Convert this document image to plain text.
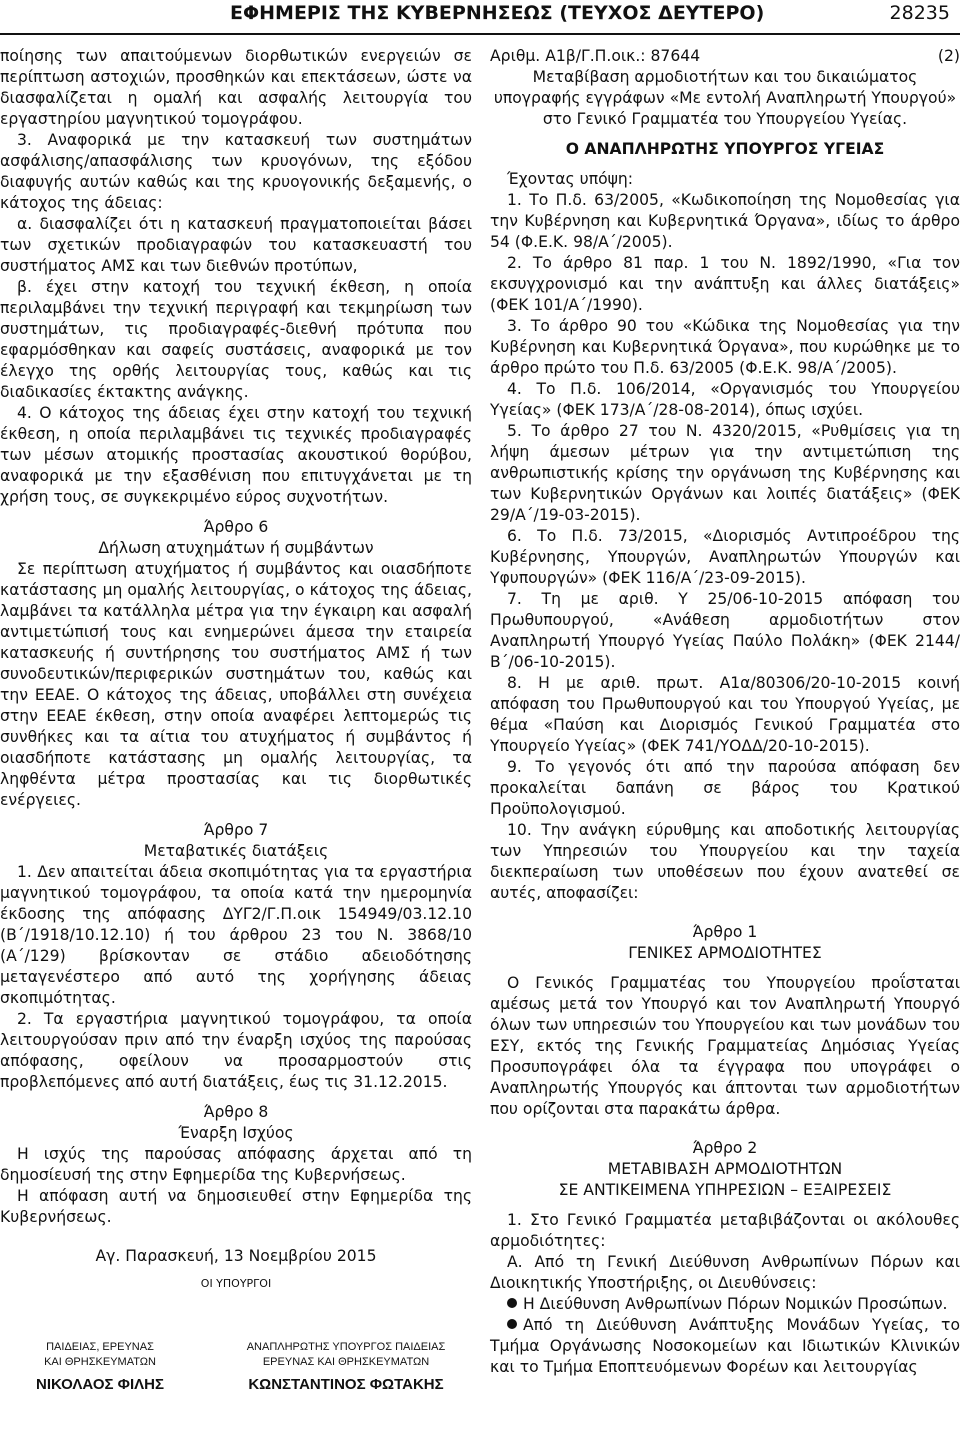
ΕΦΗΜΕΡΙΣ ΤΗΣ ΚΥΒΕΡΝΗΣΕΩΣ (ΤΕΥΧΟΣ ΔΕΥΤΕΡΟ)	28235

ποίησης των απαιτούμενων διορθωτικών ενεργειών σε περίπτωση αστοχιών, προσθηκών και επεκτάσεων, ώστε να διασφαλίζεται η ομαλή και ασφαλής λειτουργία του εργαστηρίου μαγνητικού τομογράφου.

3. Αναφορικά με την κατασκευή των συστημάτων ασφάλισης/απασφάλισης των κρυογόνων, της εξόδου διαφυγής αυτών καθώς και της κρυογονικής δεξαμενής, ο κάτοχος της άδειας:

α. διασφαλίζει ότι η κατασκευή πραγματοποιείται βάσει των σχετικών προδιαγραφών του κατασκευαστή του συστήματος ΑΜΣ και των διεθνών προτύπων,

β. έχει στην κατοχή του τεχνική έκθεση, η οποία περιλαμβάνει την τεχνική περιγραφή και τεκμηρίωση των συστημάτων, τις προδιαγραφές-διεθνή πρότυπα που εφαρμόσθηκαν και σαφείς συστάσεις, αναφορικά με τον έλεγχο της ορθής λειτουργίας τους, καθώς και τις διαδικασίες έκτακτης ανάγκης.

4. Ο κάτοχος της άδειας έχει στην κατοχή του τεχνική έκθεση, η οποία περιλαμβάνει τις τεχνικές προδιαγραφές των μέσων ατομικής προστασίας ακουστικού θορύβου, αναφορικά με την εξασθένιση που επιτυγχάνεται με τη χρήση τους, σε συγκεκριμένο εύρος συχνοτήτων.

Άρθρο 6

Δήλωση ατυχημάτων ή συμβάντων

Σε περίπτωση ατυχήματος ή συμβάντος και οιασδήποτε κατάστασης μη ομαλής λειτουργίας, ο κάτοχος της άδειας, λαμβάνει τα κατάλληλα μέτρα για την έγκαιρη και ασφαλή αντιμετώπισή τους και ενημερώνει άμεσα την εταιρεία κατασκευής ή συντήρησης του συστήματος ΑΜΣ ή των συνοδευτικών/περιφερικών συστημάτων του, καθώς και την ΕΕΑΕ. Ο κάτοχος της άδειας, υποβάλλει στη συνέχεια στην ΕΕΑΕ έκθεση, στην οποία αναφέρει λεπτομερώς τις συνθήκες και τα αίτια του ατυχήματος ή συμβάντος ή οιασδήποτε κατάστασης μη ομαλής λειτουργίας, τα ληφθέντα μέτρα προστασίας και τις διορθωτικές ενέργειες.

Άρθρο 7

Μεταβατικές διατάξεις

1. Δεν απαιτείται άδεια σκοπιμότητας για τα εργαστήρια μαγνητικού τομογράφου, τα οποία κατά την ημερομηνία έκδοσης της απόφασης ΔΥΓ2/Γ.Π.οικ 154949/03.12.10 (Β΄/1918/10.12.10) ή του άρθρου 23 του Ν. 3868/10 (Α΄/129) βρίσκονταν σε στάδιο αδειοδότησης μεταγενέστερο από αυτό της χορήγησης άδειας σκοπιμότητας.

2. Τα εργαστήρια μαγνητικού τομογράφου, τα οποία λειτουργούσαν πριν από την έναρξη ισχύος της παρούσας απόφασης, οφείλουν να προσαρμοστούν στις προβλεπόμενες από αυτή διατάξεις, έως τις 31.12.2015.

Άρθρο 8

Έναρξη Ισχύος

Η ισχύς της παρούσας απόφασης άρχεται από τη δημοσίευσή της στην Εφημερίδα της Κυβερνήσεως.

Η απόφαση αυτή να δημοσιευθεί στην Εφημερίδα της Κυβερνήσεως.

Αγ. Παρασκευή, 13 Νοεμβρίου 2015

ΟΙ ΥΠΟΥΡΓΟΙ

ΠΑΙΔΕΙΑΣ, ΕΡΕΥΝΑΣ
ΚΑΙ ΘΡΗΣΚΕΥΜΑΤΩΝ
ΝΙΚΟΛΑΟΣ ΦΙΛΗΣ
ΑΝΑΠΛΗΡΩΤΗΣ ΥΠΟΥΡΓΟΣ ΠΑΙΔΕΙΑΣ
ΕΡΕΥΝΑΣ ΚΑΙ ΘΡΗΣΚΕΥΜΑΤΩΝ
ΚΩΝΣΤΑΝΤΙΝΟΣ ΦΩΤΑΚΗΣ

Αριθμ. Α1β/Γ.Π.οικ.: 87644	(2)

Μεταβίβαση αρμοδιοτήτων και του δικαιώματος υπογραφής εγγράφων «Με εντολή Αναπληρωτή Υπουργού» στο Γενικό Γραμματέα του Υπουργείου Υγείας.

Ο ΑΝΑΠΛΗΡΩΤΗΣ ΥΠΟΥΡΓΟΣ ΥΓΕΙΑΣ

Έχοντας υπόψη:

1. Το Π.δ. 63/2005, «Κωδικοποίηση της Νομοθεσίας για την Κυβέρνηση και Κυβερνητικά Όργανα», ιδίως το άρθρο 54 (Φ.Ε.Κ. 98/Α΄/2005).

2. Το άρθρο 81 παρ. 1 του Ν. 1892/1990, «Για τον εκσυγχρονισμό και την ανάπτυξη και άλλες διατάξεις» (ΦΕΚ 101/Α΄/1990).

3. Το άρθρο 90 του «Κώδικα της Νομοθεσίας για την Κυβέρνηση και Κυβερνητικά Όργανα», που κυρώθηκε με το άρθρο πρώτο του Π.δ. 63/2005 (Φ.Ε.Κ. 98/Α΄/2005).

4. Το Π.δ. 106/2014, «Οργανισμός του Υπουργείου Υγείας» (ΦΕΚ 173/Α΄/28-08-2014), όπως ισχύει.

5. Το άρθρο 27 του Ν. 4320/2015, «Ρυθμίσεις για τη λήψη άμεσων μέτρων για την αντιμετώπιση της ανθρωπιστικής κρίσης την οργάνωση της Κυβέρνησης και των Κυβερνητικών Οργάνων και λοιπές διατάξεις» (ΦΕΚ 29/Α΄/19-03-2015).

6. Το Π.δ. 73/2015, «Διορισμός Αντιπροέδρου της Κυβέρνησης, Υπουργών, Αναπληρωτών Υπουργών και Υφυπουργών» (ΦΕΚ 116/Α΄/23-09-2015).

7. Τη με αριθ. Υ 25/06-10-2015 απόφαση του Πρωθυπουργού, «Ανάθεση αρμοδιοτήτων στον Αναπληρωτή Υπουργό Υγείας Παύλο Πολάκη» (ΦΕΚ 2144/Β΄/06-10-2015).

8. Η με αριθ. πρωτ. Α1α/80306/20-10-2015 κοινή απόφαση του Πρωθυπουργού και του Υπουργού Υγείας, με θέμα «Παύση και Διορισμός Γενικού Γραμματέα στο Υπουργείο Υγείας» (ΦΕΚ 741/ΥΟΔΔ/20-10-2015).

9. Το γεγονός ότι από την παρούσα απόφαση δεν προκαλείται δαπάνη σε βάρος του Κρατικού Προϋπολογισμού.

10. Την ανάγκη εύρυθμης και αποδοτικής λειτουργίας των Υπηρεσιών του Υπουργείου και την ταχεία διεκπεραίωση των υποθέσεων που έχουν ανατεθεί σε αυτές, αποφασίζει:

Άρθρο 1

ΓΕΝΙΚΕΣ ΑΡΜΟΔΙΟΤΗΤΕΣ

Ο Γενικός Γραμματέας του Υπουργείου προΐσταται αμέσως μετά τον Υπουργό και τον Αναπληρωτή Υπουργό όλων των υπηρεσιών του Υπουργείου και των μονάδων του ΕΣΥ, εκτός της Γενικής Γραμματείας Δημόσιας Υγείας Προσυπογράφει όλα τα έγγραφα που υπογράφει ο Αναπληρωτής Υπουργός και άπτονται των αρμοδιοτήτων που ορίζονται στα παρακάτω άρθρα.

Άρθρο 2

ΜΕΤΑΒΙΒΑΣΗ ΑΡΜΟΔΙΟΤΗΤΩΝ

ΣΕ ΑΝΤΙΚΕΙΜΕΝΑ ΥΠΗΡΕΣΙΩΝ – ΕΞΑΙΡΕΣΕΙΣ

1. Στο Γενικό Γραμματέα μεταβιβάζονται οι ακόλουθες αρμοδιότητες:

Α. Από τη Γενική Διεύθυνση Ανθρωπίνων Πόρων και Διοικητικής Υποστήριξης, οι Διευθύνσεις:

Η Διεύθυνση Ανθρωπίνων Πόρων Νομικών Προσώπων.

Από τη Διεύθυνση Ανάπτυξης Μονάδων Υγείας, το Τμήμα Οργάνωσης Νοσοκομείων και Ιδιωτικών Κλινικών και το Τμήμα Εποπτευόμενων Φορέων και λειτουργίας
